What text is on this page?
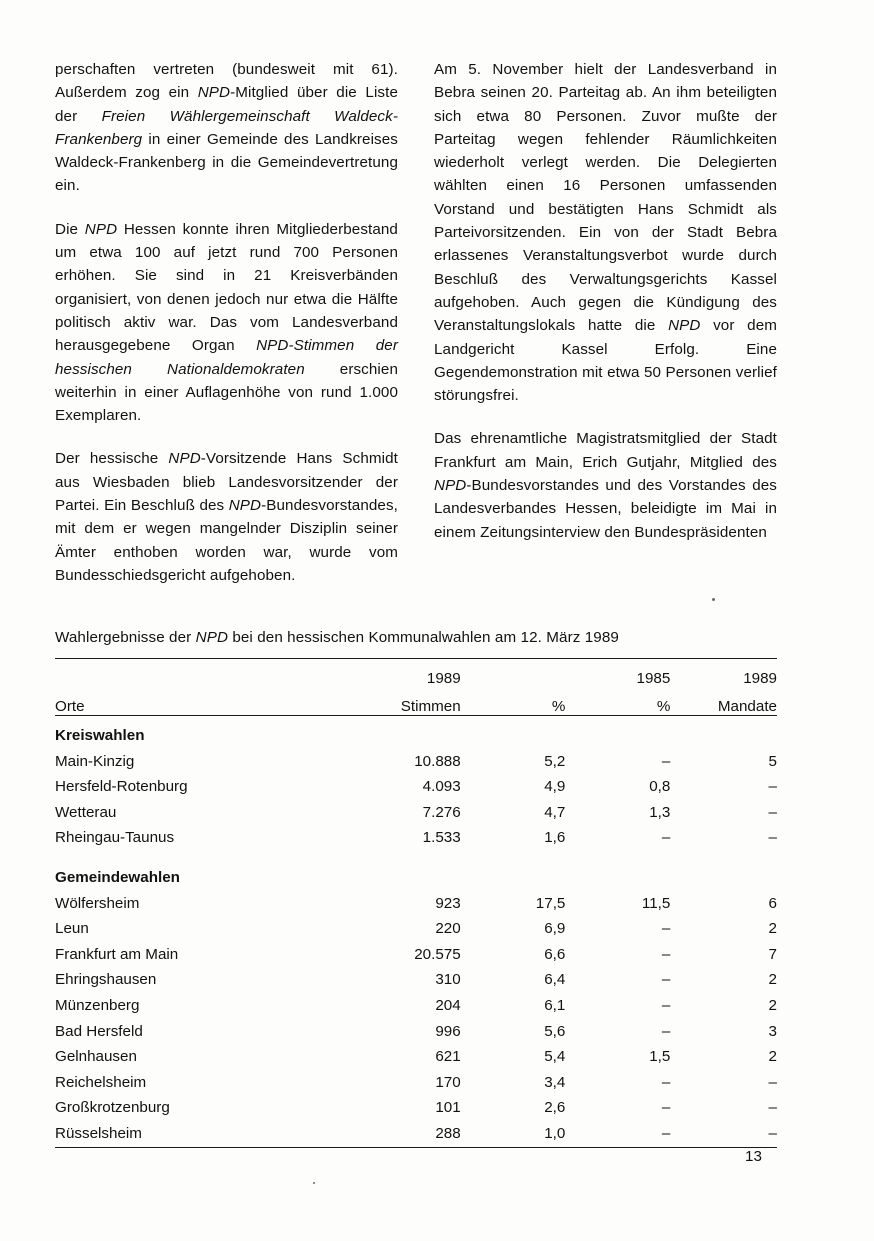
perschaften vertreten (bundesweit mit 61). Außerdem zog ein NPD-Mitglied über die Liste der Freien Wählergemeinschaft Waldeck-Frankenberg in einer Gemeinde des Landkreises Waldeck-Frankenberg in die Gemeindevertretung ein.

Die NPD Hessen konnte ihren Mitgliederbestand um etwa 100 auf jetzt rund 700 Personen erhöhen. Sie sind in 21 Kreisverbänden organisiert, von denen jedoch nur etwa die Hälfte politisch aktiv war. Das vom Landesverband herausgegebene Organ NPD-Stimmen der hessischen Nationaldemokraten erschien weiterhin in einer Auflagenhöhe von rund 1.000 Exemplaren.

Der hessische NPD-Vorsitzende Hans Schmidt aus Wiesbaden blieb Landesvorsitzender der Partei. Ein Beschluß des NPD-Bundesvorstandes, mit dem er wegen mangelnder Disziplin seiner Ämter enthoben worden war, wurde vom Bundesschiedsgericht aufgehoben.

Am 5. November hielt der Landesverband in Bebra seinen 20. Parteitag ab. An ihm beteiligten sich etwa 80 Personen. Zuvor mußte der Parteitag wegen fehlender Räumlichkeiten wiederholt verlegt werden. Die Delegierten wählten einen 16 Personen umfassenden Vorstand und bestätigten Hans Schmidt als Parteivorsitzenden. Ein von der Stadt Bebra erlassenes Veranstaltungsverbot wurde durch Beschluß des Verwaltungsgerichts Kassel aufgehoben. Auch gegen die Kündigung des Veranstaltungslokals hatte die NPD vor dem Landgericht Kassel Erfolg. Eine Gegendemonstration mit etwa 50 Personen verlief störungsfrei.

Das ehrenamtliche Magistratsmitglied der Stadt Frankfurt am Main, Erich Gutjahr, Mitglied des NPD-Bundesvorstandes und des Vorstandes des Landesverbandes Hessen, beleidigte im Mai in einem Zeitungsinterview den Bundespräsidenten

Wahlergebnisse der NPD bei den hessischen Kommunalwahlen am 12. März 1989

	1989		1985	1989
Orte	Stimmen	%	%	Mandate

Kreiswahlen				
Main-Kinzig	10.888	5,2	–	5
Hersfeld-Rotenburg	4.093	4,9	0,8	–
Wetterau	7.276	4,7	1,3	–
Rheingau-Taunus	1.533	1,6	–	–

Gemeindewahlen				
Wölfersheim	923	17,5	11,5	6
Leun	220	6,9	–	2
Frankfurt am Main	20.575	6,6	–	7
Ehringshausen	310	6,4	–	2
Münzenberg	204	6,1	–	2
Bad Hersfeld	996	5,6	–	3
Gelnhausen	621	5,4	1,5	2
Reichelsheim	170	3,4	–	–
Großkrotzenburg	101	2,6	–	–
Rüsselsheim	288	1,0	–	–

13
